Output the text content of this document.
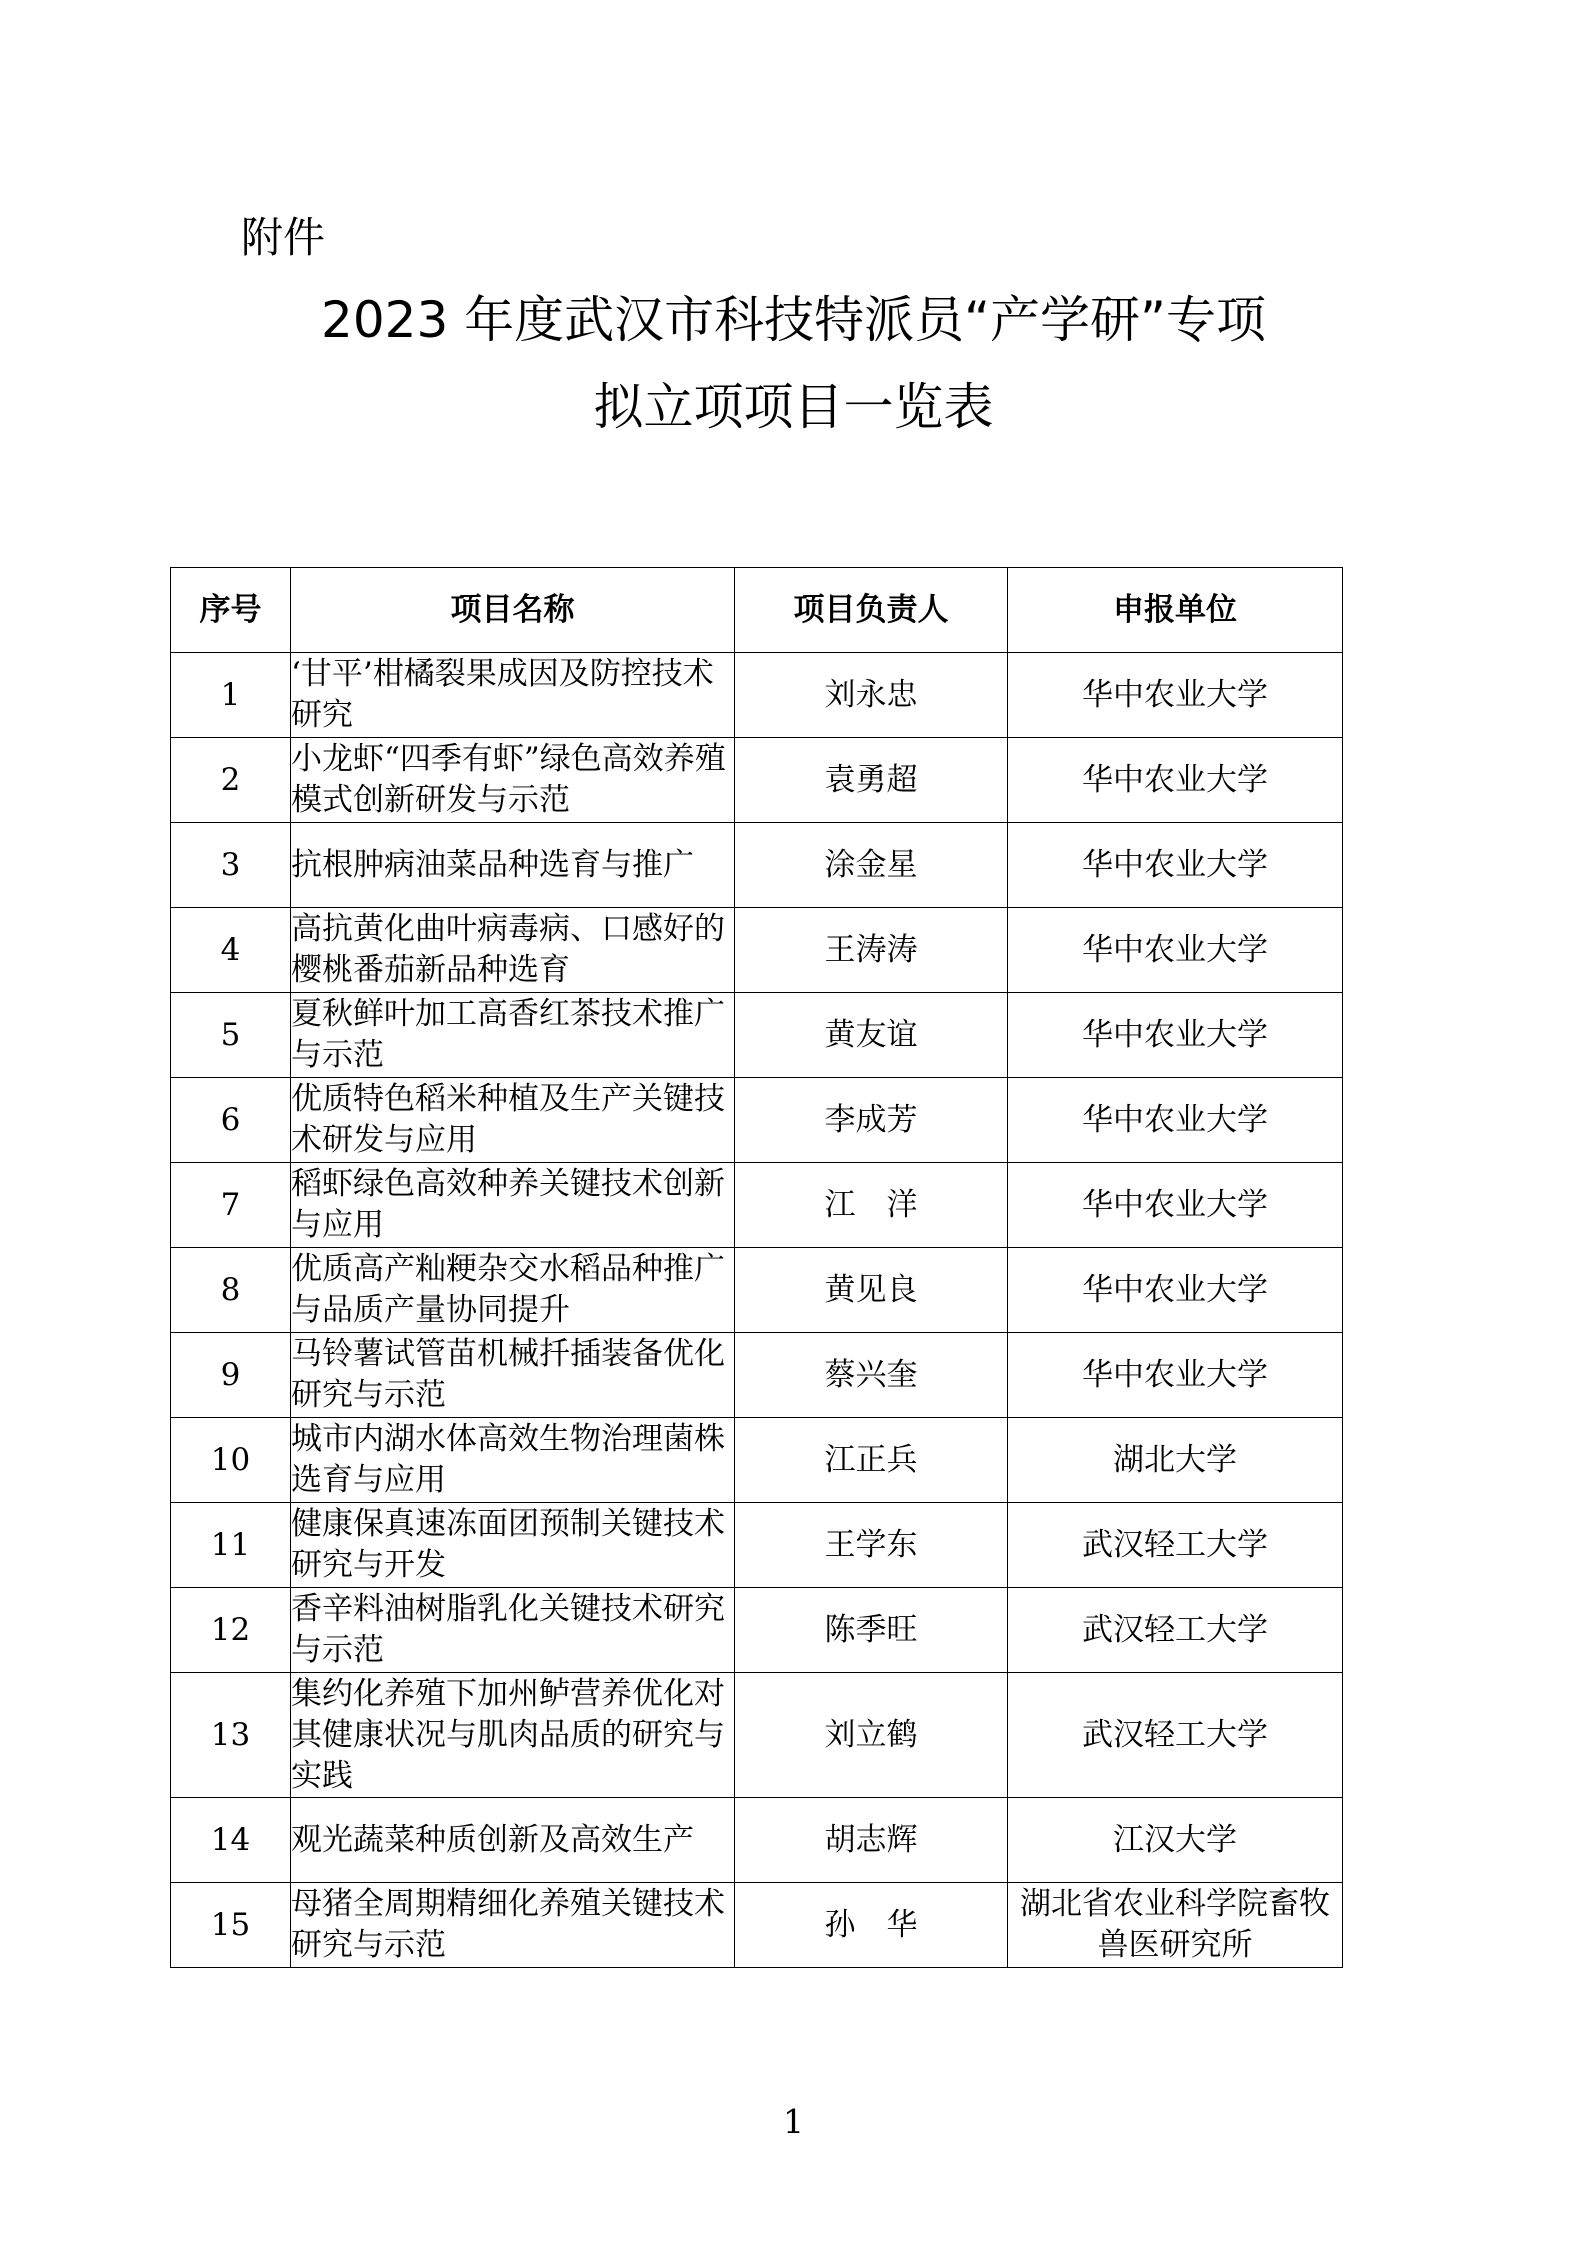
附件

2023 年度武汉市科技特派员“产学研”专项

拟立项项目一览表

序号	项目名称	项目负责人	申报单位
1	‘甘平’柑橘裂果成因及防控技术研究	刘永忠	华中农业大学
2	小龙虾“四季有虾”绿色高效养殖模式创新研发与示范	袁勇超	华中农业大学
3	抗根肿病油菜品种选育与推广	涂金星	华中农业大学
4	高抗黄化曲叶病毒病、口感好的樱桃番茄新品种选育	王涛涛	华中农业大学
5	夏秋鲜叶加工高香红茶技术推广与示范	黄友谊	华中农业大学
6	优质特色稻米种植及生产关键技术研发与应用	李成芳	华中农业大学
7	稻虾绿色高效种养关键技术创新与应用	江　洋	华中农业大学
8	优质高产籼粳杂交水稻品种推广与品质产量协同提升	黄见良	华中农业大学
9	马铃薯试管苗机械扦插装备优化研究与示范	蔡兴奎	华中农业大学
10	城市内湖水体高效生物治理菌株选育与应用	江正兵	湖北大学
11	健康保真速冻面团预制关键技术研究与开发	王学东	武汉轻工大学
12	香辛料油树脂乳化关键技术研究与示范	陈季旺	武汉轻工大学
13	集约化养殖下加州鲈营养优化对其健康状况与肌肉品质的研究与实践	刘立鹤	武汉轻工大学
14	观光蔬菜种质创新及高效生产	胡志辉	江汉大学
15	母猪全周期精细化养殖关键技术研究与示范	孙　华	湖北省农业科学院畜牧兽医研究所
1
